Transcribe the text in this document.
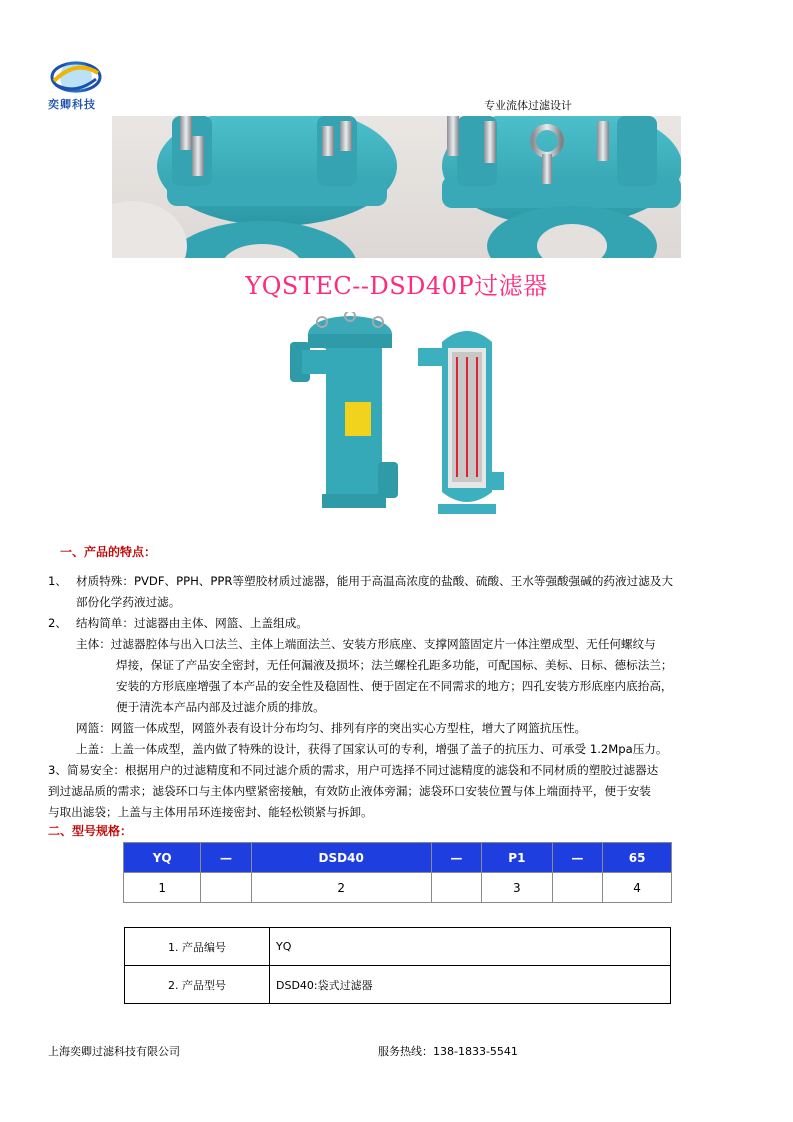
奕卿科技	专业流体过滤设计
YQSTEC--DSD40P过滤器
一、产品的特点：
1、 材质特殊：PVDF、PPH、PPR等塑胶材质过滤器，能用于高温高浓度的盐酸、硫酸、王水等强酸强碱的药液过滤及大
部份化学药液过滤。
2、 结构简单：过滤器由主体、网篮、上盖组成。
主体：过滤器腔体与出入口法兰、主体上端面法兰、安装方形底座、支撑网篮固定片一体注塑成型、无任何螺纹与
焊接，保证了产品安全密封，无任何漏液及损坏；法兰螺栓孔距多功能，可配国标、美标、日标、德标法兰；
安装的方形底座增强了本产品的安全性及稳固性、便于固定在不同需求的地方；四孔安装方形底座内底抬高，
便于清洗本产品内部及过滤介质的排放。
网篮：网篮一体成型，网篮外表有设计分布均匀、排列有序的突出实心方型柱，增大了网篮抗压性。
上盖：上盖一体成型，盖内做了特殊的设计，获得了国家认可的专利，增强了盖子的抗压力、可承受 1.2Mpa压力。
3、简易安全：根据用户的过滤精度和不同过滤介质的需求，用户可选择不同过滤精度的滤袋和不同材质的塑胶过滤器达
到过滤品质的需求；滤袋环口与主体内壁紧密接触，有效防止液体旁漏；滤袋环口安装位置与体上端面持平，便于安装
与取出滤袋；上盖与主体用吊环连接密封、能轻松锁紧与拆卸。
二、型号规格：
YQ	—	DSD40	—	P1	—	65
1		2		3		4
1. 产品编号	YQ
2. 产品型号	DSD40:袋式过滤器
上海奕卿过滤科技有限公司	服务热线：138-1833-5541
